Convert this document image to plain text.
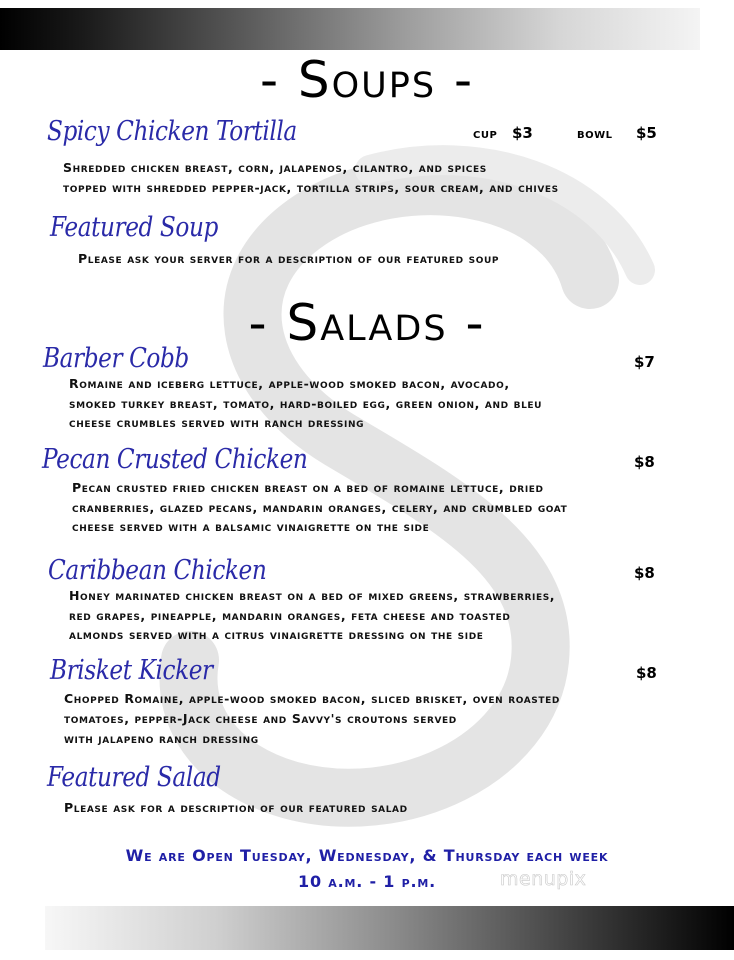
- Soups -
Spicy Chicken Tortilla	cup $3	bowl $5
Shredded chicken breast, corn, jalapenos, cilantro, and spices
topped with shredded pepper-jack, tortilla strips, sour cream, and chives
Featured Soup
Please ask your server for a description of our featured soup
- Salads -
Barber Cobb	$7
Romaine and iceberg lettuce, apple-wood smoked bacon, avocado,
smoked turkey breast, tomato, hard-boiled egg, green onion, and bleu
cheese crumbles served with ranch dressing
Pecan Crusted Chicken	$8
Pecan crusted fried chicken breast on a bed of romaine lettuce, dried
cranberries, glazed pecans, mandarin oranges, celery, and crumbled goat
cheese served with a balsamic vinaigrette on the side
Caribbean Chicken	$8
Honey marinated chicken breast on a bed of mixed greens, strawberries,
red grapes, pineapple, mandarin oranges, feta cheese and toasted
almonds served with a citrus vinaigrette dressing on the side
Brisket Kicker	$8
Chopped Romaine, apple-wood smoked bacon, sliced brisket, oven roasted
tomatoes, pepper-Jack cheese and Savvy's croutons served
with jalapeno ranch dressing
Featured Salad
Please ask for a description of our featured salad
We are Open Tuesday, Wednesday, & Thursday each week
10 a.m. - 1 p.m.	menupix
